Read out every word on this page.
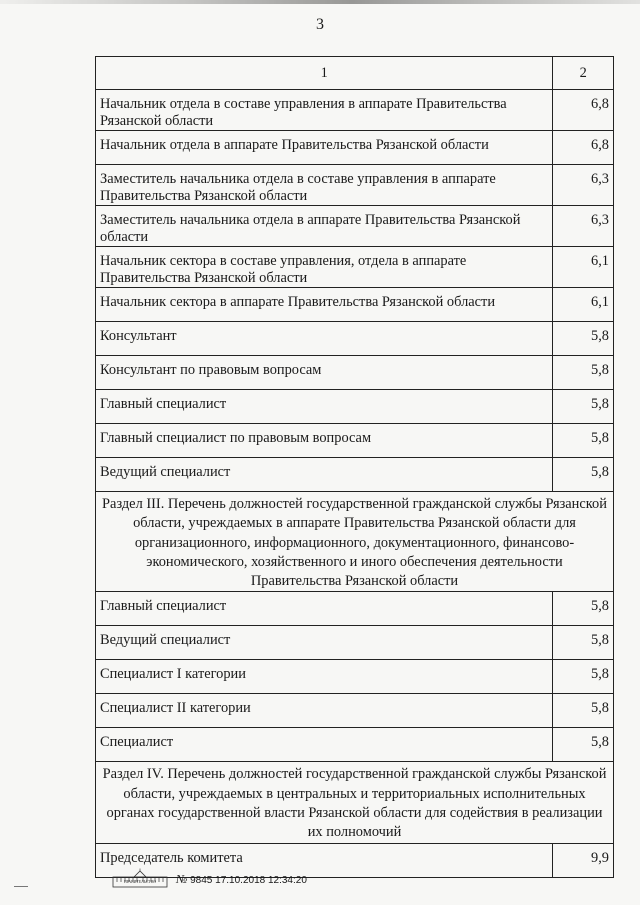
3
1	2
Начальник отдела в составе управления в аппарате Правительства Рязанской области	6,8
Начальник отдела в аппарате Правительства Рязанской области	6,8
Заместитель начальника отдела в составе управления в аппарате Правительства Рязанской области	6,3
Заместитель начальника отдела в аппарате Правительства Рязанской области	6,3
Начальник сектора в составе управления, отдела в аппарате Правительства Рязанской области	6,1
Начальник сектора в аппарате Правительства Рязанской области	6,1
Консультант	5,8
Консультант по правовым вопросам	5,8
Главный специалист	5,8
Главный специалист по правовым вопросам	5,8
Ведущий специалист	5,8
Раздел III. Перечень должностей государственной гражданской службы Рязанской области, учреждаемых в аппарате Правительства Рязанской области для организационного, информационного, документационного, финансово-экономического, хозяйственного и иного обеспечения деятельности Правительства Рязанской области	
Главный специалист	5,8
Ведущий специалист	5,8
Специалист I категории	5,8
Специалист II категории	5,8
Специалист	5,8
Раздел IV. Перечень должностей государственной гражданской службы Рязанской области, учреждаемых в центральных и территориальных исполнительных органах государственной власти Рязанской области для содействия в реализации их полномочий	
Председатель комитета	9,9
ПРАВИТЕЛЬСТВО	№ 9845 17.10.2018 12:34:20
